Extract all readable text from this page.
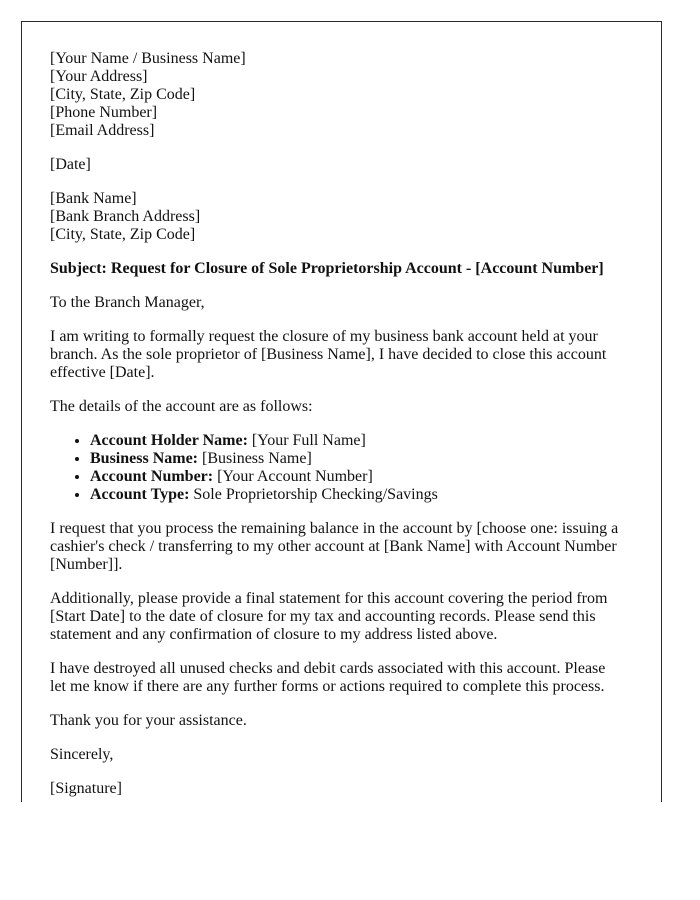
[Your Name / Business Name]
[Your Address]
[City, State, Zip Code]
[Phone Number]
[Email Address]

[Date]

[Bank Name]
[Bank Branch Address]
[City, State, Zip Code]

Subject: Request for Closure of Sole Proprietorship Account - [Account Number]

To the Branch Manager,

I am writing to formally request the closure of my business bank account held at your branch. As the sole proprietor of [Business Name], I have decided to close this account effective [Date].

The details of the account are as follows:

• Account Holder Name: [Your Full Name]
• Business Name: [Business Name]
• Account Number: [Your Account Number]
• Account Type: Sole Proprietorship Checking/Savings

I request that you process the remaining balance in the account by [choose one: issuing a cashier's check / transferring to my other account at [Bank Name] with Account Number [Number]].

Additionally, please provide a final statement for this account covering the period from [Start Date] to the date of closure for my tax and accounting records. Please send this statement and any confirmation of closure to my address listed above.

I have destroyed all unused checks and debit cards associated with this account. Please let me know if there are any further forms or actions required to complete this process.

Thank you for your assistance.

Sincerely,

[Signature]
